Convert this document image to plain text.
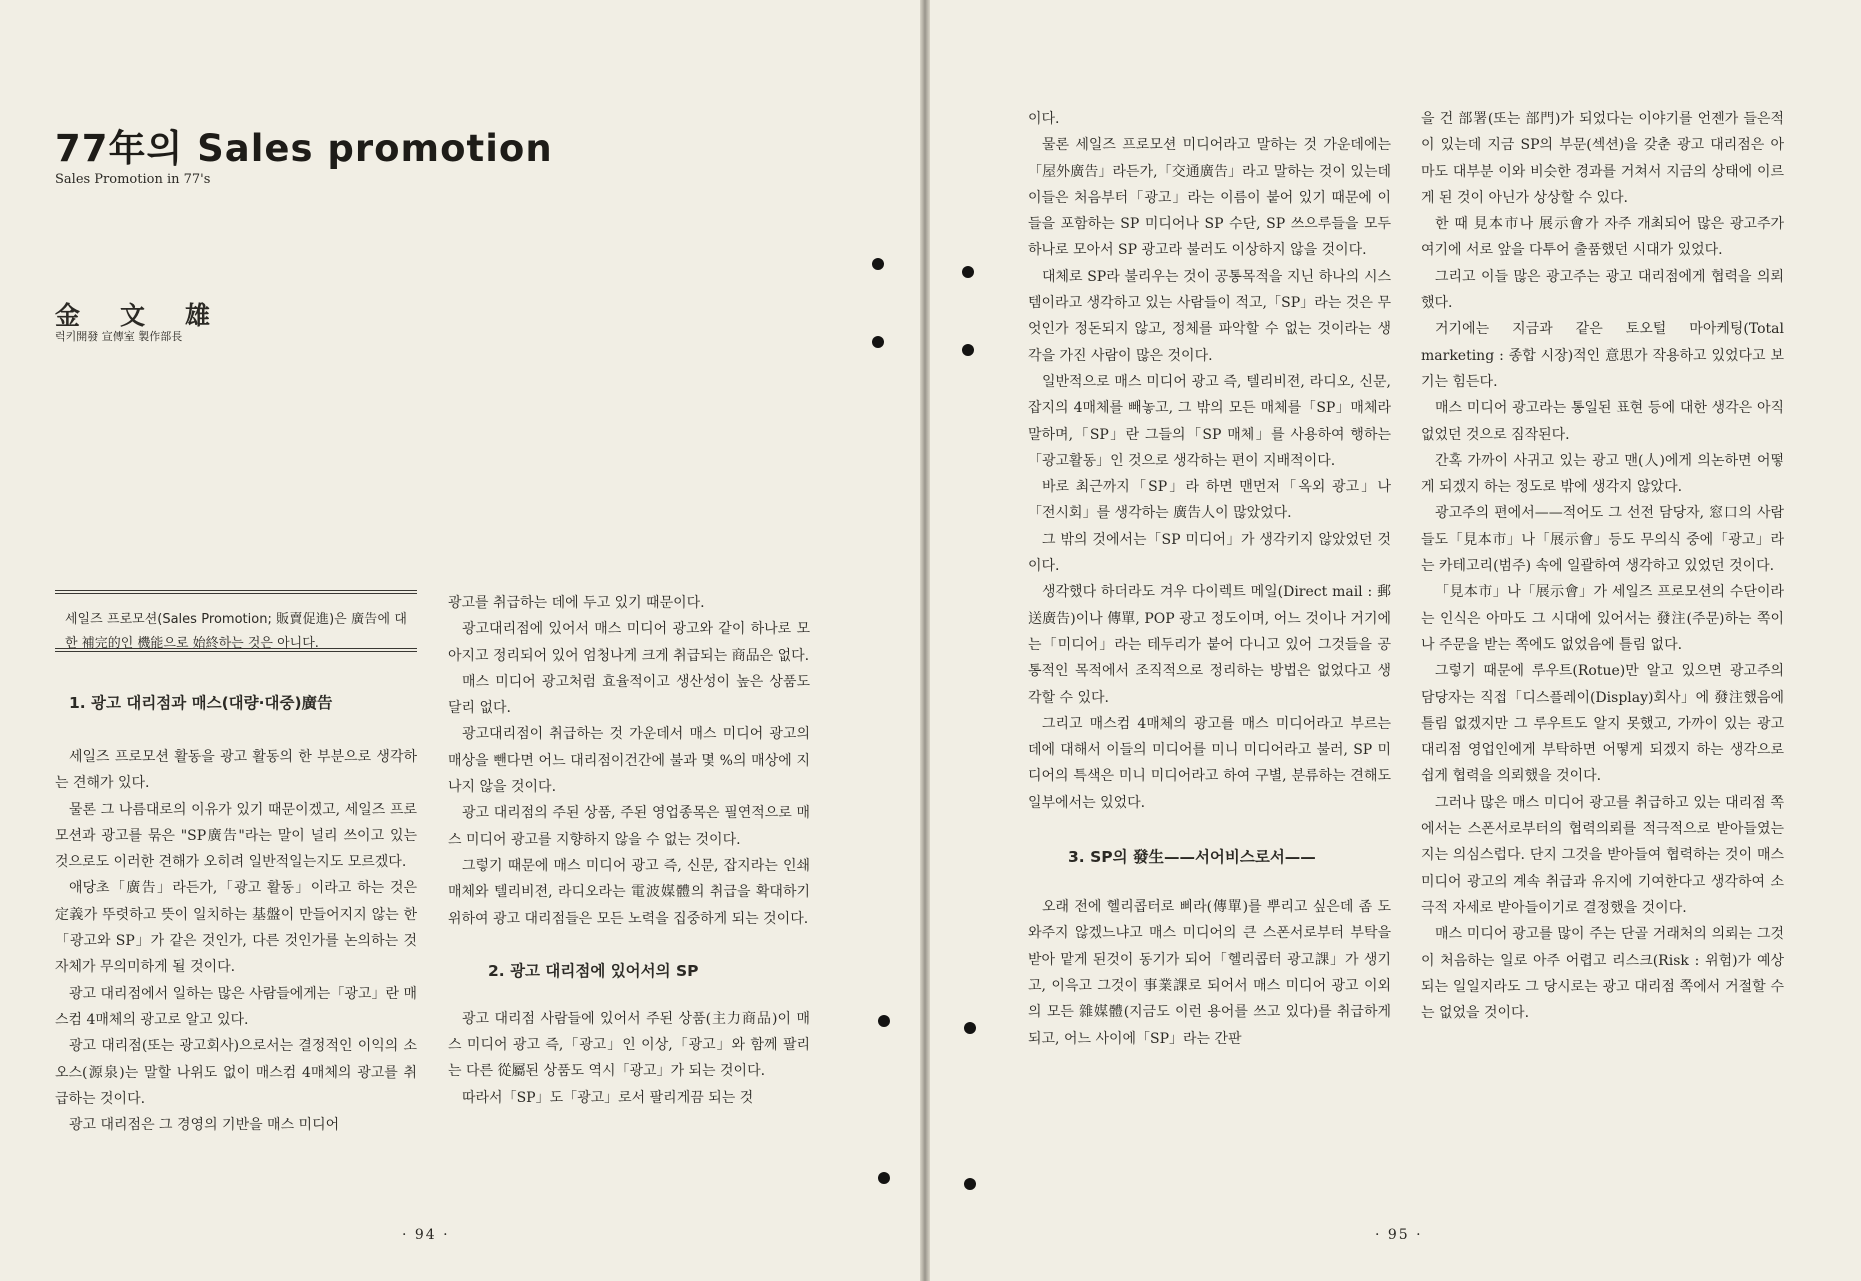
77年의 Sales promotion
Sales Promotion in 77's
金文雄
럭키開發 宣傳室 製作部長
세일즈 프로모션(Sales Promotion; 販賣促進)은 廣告에 대한 補完的인 機能으로 始終하는 것은 아니다.
1. 광고 대리점과 매스(대량·대중)廣告

세일즈 프로모션 활동을 광고 활동의 한 부분으로 생각하는 견해가 있다.

물론 그 나름대로의 이유가 있기 때문이겠고, 세일즈 프로모션과 광고를 묶은 "SP廣告"라는 말이 널리 쓰이고 있는 것으로도 이러한 견해가 오히려 일반적일는지도 모르겠다.

애당초「廣告」라든가,「광고 활동」이라고 하는 것은 定義가 뚜렷하고 뜻이 일치하는 基盤이 만들어지지 않는 한「광고와 SP」가 같은 것인가, 다른 것인가를 논의하는 것 자체가 무의미하게 될 것이다.

광고 대리점에서 일하는 많은 사람들에게는「광고」란 매스컴 4매체의 광고로 알고 있다.

광고 대리점(또는 광고회사)으로서는 결정적인 이익의 소오스(源泉)는 말할 나위도 없이 매스컴 4매체의 광고를 취급하는 것이다.

광고 대리점은 그 경영의 기반을 매스 미디어

광고를 취급하는 데에 두고 있기 때문이다.

광고대리점에 있어서 매스 미디어 광고와 같이 하나로 모아지고 정리되어 있어 엄청나게 크게 취급되는 商品은 없다.

매스 미디어 광고처럼 효율적이고 생산성이 높은 상품도 달리 없다.

광고대리점이 취급하는 것 가운데서 매스 미디어 광고의 매상을 뺀다면 어느 대리점이건간에 불과 몇 %의 매상에 지나지 않을 것이다.

광고 대리점의 주된 상품, 주된 영업종목은 필연적으로 매스 미디어 광고를 지향하지 않을 수 없는 것이다.

그렇기 때문에 매스 미디어 광고 즉, 신문, 잡지라는 인쇄 매체와 텔리비젼, 라디오라는 電波媒體의 취급을 확대하기 위하여 광고 대리점들은 모든 노력을 집중하게 되는 것이다.

2. 광고 대리점에 있어서의 SP

광고 대리점 사람들에 있어서 주된 상품(主力商品)이 매스 미디어 광고 즉,「광고」인 이상,「광고」와 함께 팔리는 다른 從屬된 상품도 역시「광고」가 되는 것이다.

따라서「SP」도「광고」로서 팔리게끔 되는 것

· 94 ·

이다.

물론 세일즈 프로모션 미디어라고 말하는 것 가운데에는「屋外廣告」라든가,「交通廣告」라고 말하는 것이 있는데 이들은 처음부터「광고」라는 이름이 붙어 있기 때문에 이들을 포함하는 SP 미디어나 SP 수단, SP 쓰으루들을 모두 하나로 모아서 SP 광고라 불러도 이상하지 않을 것이다.

대체로 SP라 불리우는 것이 공통목적을 지닌 하나의 시스템이라고 생각하고 있는 사람들이 적고,「SP」라는 것은 무엇인가 정돈되지 않고, 정체를 파악할 수 없는 것이라는 생각을 가진 사람이 많은 것이다.

일반적으로 매스 미디어 광고 즉, 텔리비젼, 라디오, 신문, 잡지의 4매체를 빼놓고, 그 밖의 모든 매체를「SP」매체라 말하며,「SP」란 그들의「SP 매체」를 사용하여 행하는「광고활동」인 것으로 생각하는 편이 지배적이다.

바로 최근까지「SP」라 하면 맨먼저「옥외 광고」나「전시회」를 생각하는 廣告人이 많았었다.

그 밖의 것에서는「SP 미디어」가 생각키지 않았었던 것이다.

생각했다 하더라도 겨우 다이렉트 메일(Direct mail : 郵送廣告)이나 傳單, POP 광고 정도이며, 어느 것이나 거기에는「미디어」라는 테두리가 붙어 다니고 있어 그것들을 공통적인 목적에서 조직적으로 정리하는 방법은 없었다고 생각할 수 있다.

그리고 매스컴 4매체의 광고를 매스 미디어라고 부르는 데에 대해서 이들의 미디어를 미니 미디어라고 불러, SP 미디어의 특색은 미니 미디어라고 하여 구별, 분류하는 견해도 일부에서는 있었다.

3. SP의 發生——서어비스로서——

오래 전에 헬리콥터로 삐라(傳單)를 뿌리고 싶은데 좀 도와주지 않겠느냐고 매스 미디어의 큰 스폰서로부터 부탁을 받아 맡게 된것이 동기가 되어「헬리콥터 광고課」가 생기고, 이윽고 그것이 事業課로 되어서 매스 미디어 광고 이외의 모든 雜媒體(지금도 이런 용어를 쓰고 있다)를 취급하게 되고, 어느 사이에「SP」라는 간판

을 건 部署(또는 部門)가 되었다는 이야기를 언젠가 들은적이 있는데 지금 SP의 부문(섹션)을 갖춘 광고 대리점은 아마도 대부분 이와 비슷한 경과를 거쳐서 지금의 상태에 이르게 된 것이 아닌가 상상할 수 있다.

한 때 見本市나 展示會가 자주 개최되어 많은 광고주가 여기에 서로 앞을 다투어 출품했던 시대가 있었다.

그리고 이들 많은 광고주는 광고 대리점에게 협력을 의뢰했다.

거기에는 지금과 같은 토오털 마아케팅(Total marketing : 종합 시장)적인 意思가 작용하고 있었다고 보기는 힘든다.

매스 미디어 광고라는 통일된 표현 등에 대한 생각은 아직 없었던 것으로 짐작된다.

간혹 가까이 사귀고 있는 광고 맨(人)에게 의논하면 어떻게 되겠지 하는 정도로 밖에 생각지 않았다.

광고주의 편에서——적어도 그 선전 담당자, 窓口의 사람들도「見本市」나「展示會」등도 무의식 중에「광고」라는 카테고리(범주) 속에 일괄하여 생각하고 있었던 것이다.

「見本市」나「展示會」가 세일즈 프로모션의 수단이라는 인식은 아마도 그 시대에 있어서는 發注(주문)하는 쪽이나 주문을 받는 쪽에도 없었음에 틀림 없다.

그렇기 때문에 루우트(Rotue)만 알고 있으면 광고주의 담당자는 직접「디스플레이(Display)회사」에 發注했음에 틀림 없겠지만 그 루우트도 알지 못했고, 가까이 있는 광고 대리점 영업인에게 부탁하면 어떻게 되겠지 하는 생각으로 쉽게 협력을 의뢰했을 것이다.

그러나 많은 매스 미디어 광고를 취급하고 있는 대리점 쪽에서는 스폰서로부터의 협력의뢰를 적극적으로 받아들였는지는 의심스럽다. 단지 그것을 받아들여 협력하는 것이 매스 미디어 광고의 계속 취급과 유지에 기여한다고 생각하여 소극적 자세로 받아들이기로 결정했을 것이다.

매스 미디어 광고를 많이 주는 단골 거래처의 의뢰는 그것이 처음하는 일로 아주 어렵고 리스크(Risk : 위험)가 예상되는 일일지라도 그 당시로는 광고 대리점 쪽에서 거절할 수는 없었을 것이다.

· 95 ·
